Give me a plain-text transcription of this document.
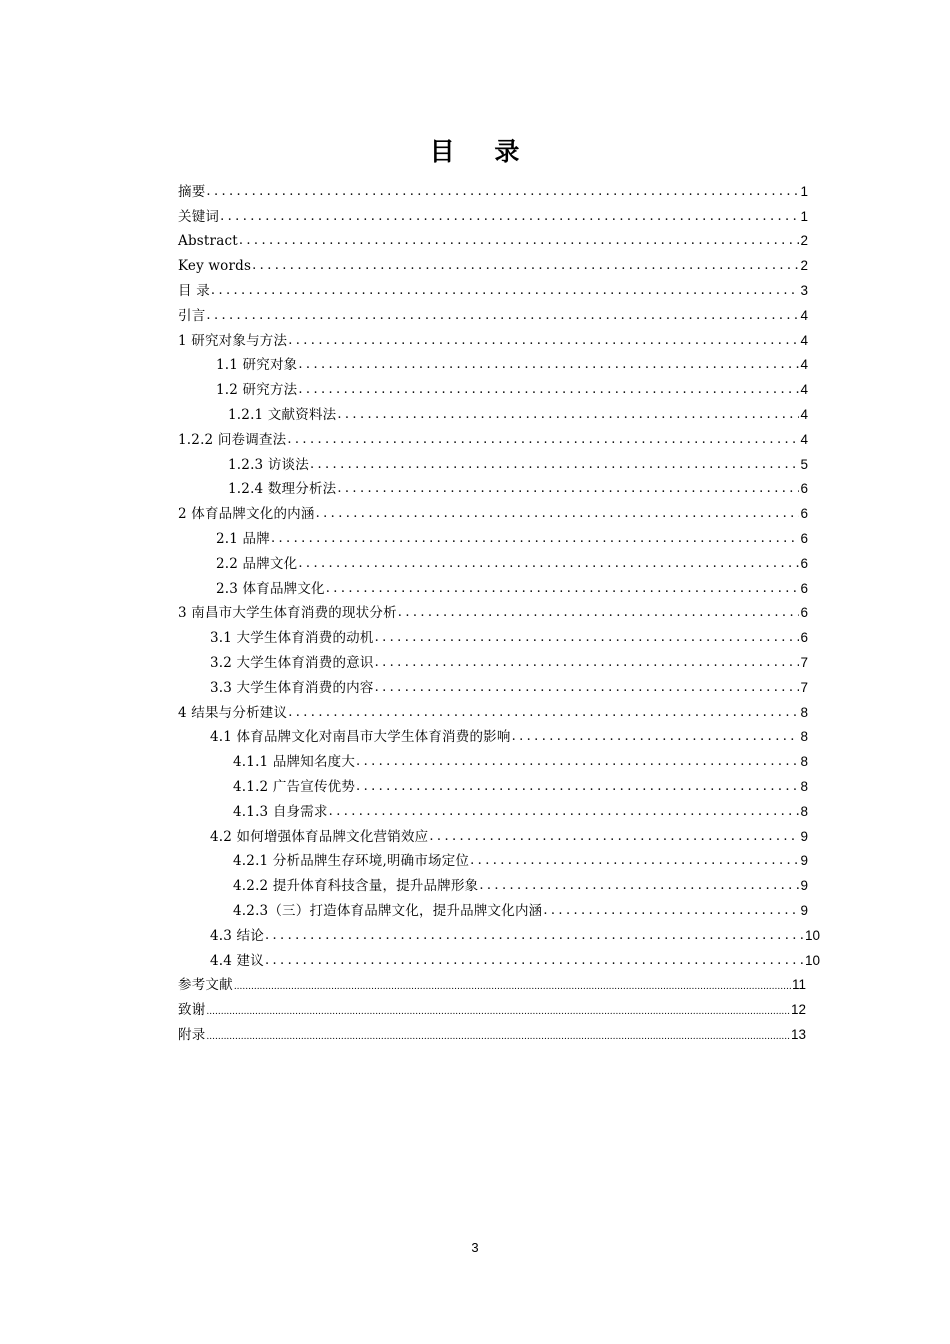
目    录
摘要 .....	1
关键词 .....	1
Abstract .....	2
Key words .....	2
目 录 .....	3
引言 .....	4
1 研究对象与方法 .....	4
1.1 研究对象 .....	4
1.2 研究方法 .....	4
1.2.1 文献资料法 .....	4
1.2.2 问卷调查法 .....	4
1.2.3 访谈法 .....	5
1.2.4 数理分析法 .....	6
2 体育品牌文化的内涵 .....	6
2.1 品牌 .....	6
2.2 品牌文化 .....	6
2.3 体育品牌文化 .....	6
3 南昌市大学生体育消费的现状分析 .....	6
3.1 大学生体育消费的动机 .....	6
3.2 大学生体育消费的意识 .....	7
3.3 大学生体育消费的内容 .....	7
4 结果与分析建议 .....	8
4.1 体育品牌文化对南昌市大学生体育消费的影响 .....	8
4.1.1 品牌知名度大 .....	8
4.1.2 广告宣传优势 .....	8
4.1.3 自身需求 .....	8
4.2 如何增强体育品牌文化营销效应 .....	9
4.2.1 分析品牌生存环境,明确市场定位 .....	9
4.2.2 提升体育科技含量，提升品牌形象 .....	9
4.2.3（三）打造体育品牌文化，提升品牌文化内涵 .....	9
4.3 结论 .....	10
4.4 建议 .....	10
参考文献 .....	11
致谢 .....	12
附录 .....	13
3
